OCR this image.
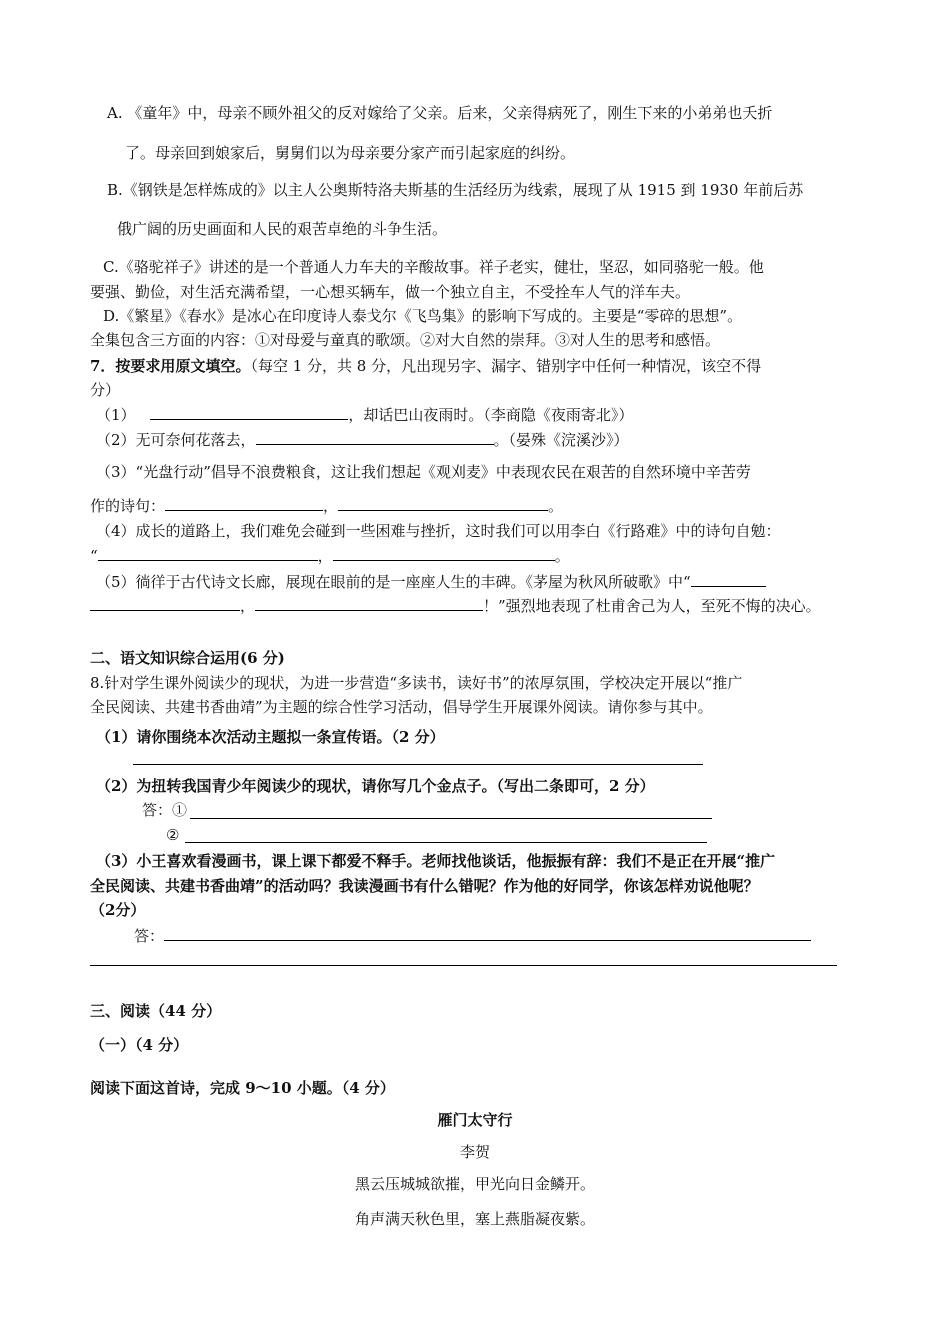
A. 《童年》中，母亲不顾外祖父的反对嫁给了父亲。后来，父亲得病死了，刚生下来的小弟弟也夭折
了。母亲回到娘家后，舅舅们以为母亲要分家产而引起家庭的纠纷。
B.《钢铁是怎样炼成的》以主人公奥斯特洛夫斯基的生活经历为线索，展现了从 1915 到 1930 年前后苏
俄广阔的历史画面和人民的艰苦卓绝的斗争生活。
C.《骆驼祥子》讲述的是一个普通人力车夫的辛酸故事。祥子老实，健壮，坚忍，如同骆驼一般。他
要强、勤俭，对生活充满希望，一心想买辆车，做一个独立自主，不受拴车人气的洋车夫。
D.《繁星》《春水》是冰心在印度诗人泰戈尔《飞鸟集》的影响下写成的。主要是“零碎的思想”。
全集包含三方面的内容：①对母爱与童真的歌颂。②对大自然的崇拜。③对人生的思考和感悟。
7．按要求用原文填空。（每空 1 分，共 8 分，凡出现另字、漏字、错别字中任何一种情况，该空不得
分）
（1）	，却话巴山夜雨时。（李商隐《夜雨寄北》）
（2）无可奈何花落去，	。（晏殊《浣溪沙》）
（3）“光盘行动”倡导不浪费粮食，这让我们想起《观刈麦》中表现农民在艰苦的自然环境中辛苦劳
作的诗句：	，	。
（4）成长的道路上，我们难免会碰到一些困难与挫折，这时我们可以用李白《行路难》中的诗句自勉：
“	，	。
（5）徜徉于古代诗文长廊，展现在眼前的是一座座人生的丰碑。《茅屋为秋风所破歌》中“
，	！”强烈地表现了杜甫舍己为人，至死不悔的决心。
二、语文知识综合运用(6 分)
8.针对学生课外阅读少的现状，为进一步营造“多读书，读好书”的浓厚氛围，学校决定开展以“推广
全民阅读、共建书香曲靖”为主题的综合性学习活动，倡导学生开展课外阅读。请你参与其中。
（1）请你围绕本次活动主题拟一条宣传语。（2 分）
（2）为扭转我国青少年阅读少的现状，请你写几个金点子。（写出二条即可，2 分）
答：①
②
（3）小王喜欢看漫画书，课上课下都爱不释手。老师找他谈话，他振振有辞：我们不是正在开展“推广
全民阅读、共建书香曲靖”的活动吗？我读漫画书有什么错呢？作为他的好同学，你该怎样劝说他呢？
（2分）
答：
三、阅读（44 分）
（一）（4 分）
阅读下面这首诗，完成 9～10 小题。（4 分）
雁门太守行
李贺
黑云压城城欲摧，甲光向日金鳞开。
角声满天秋色里，塞上燕脂凝夜紫。
